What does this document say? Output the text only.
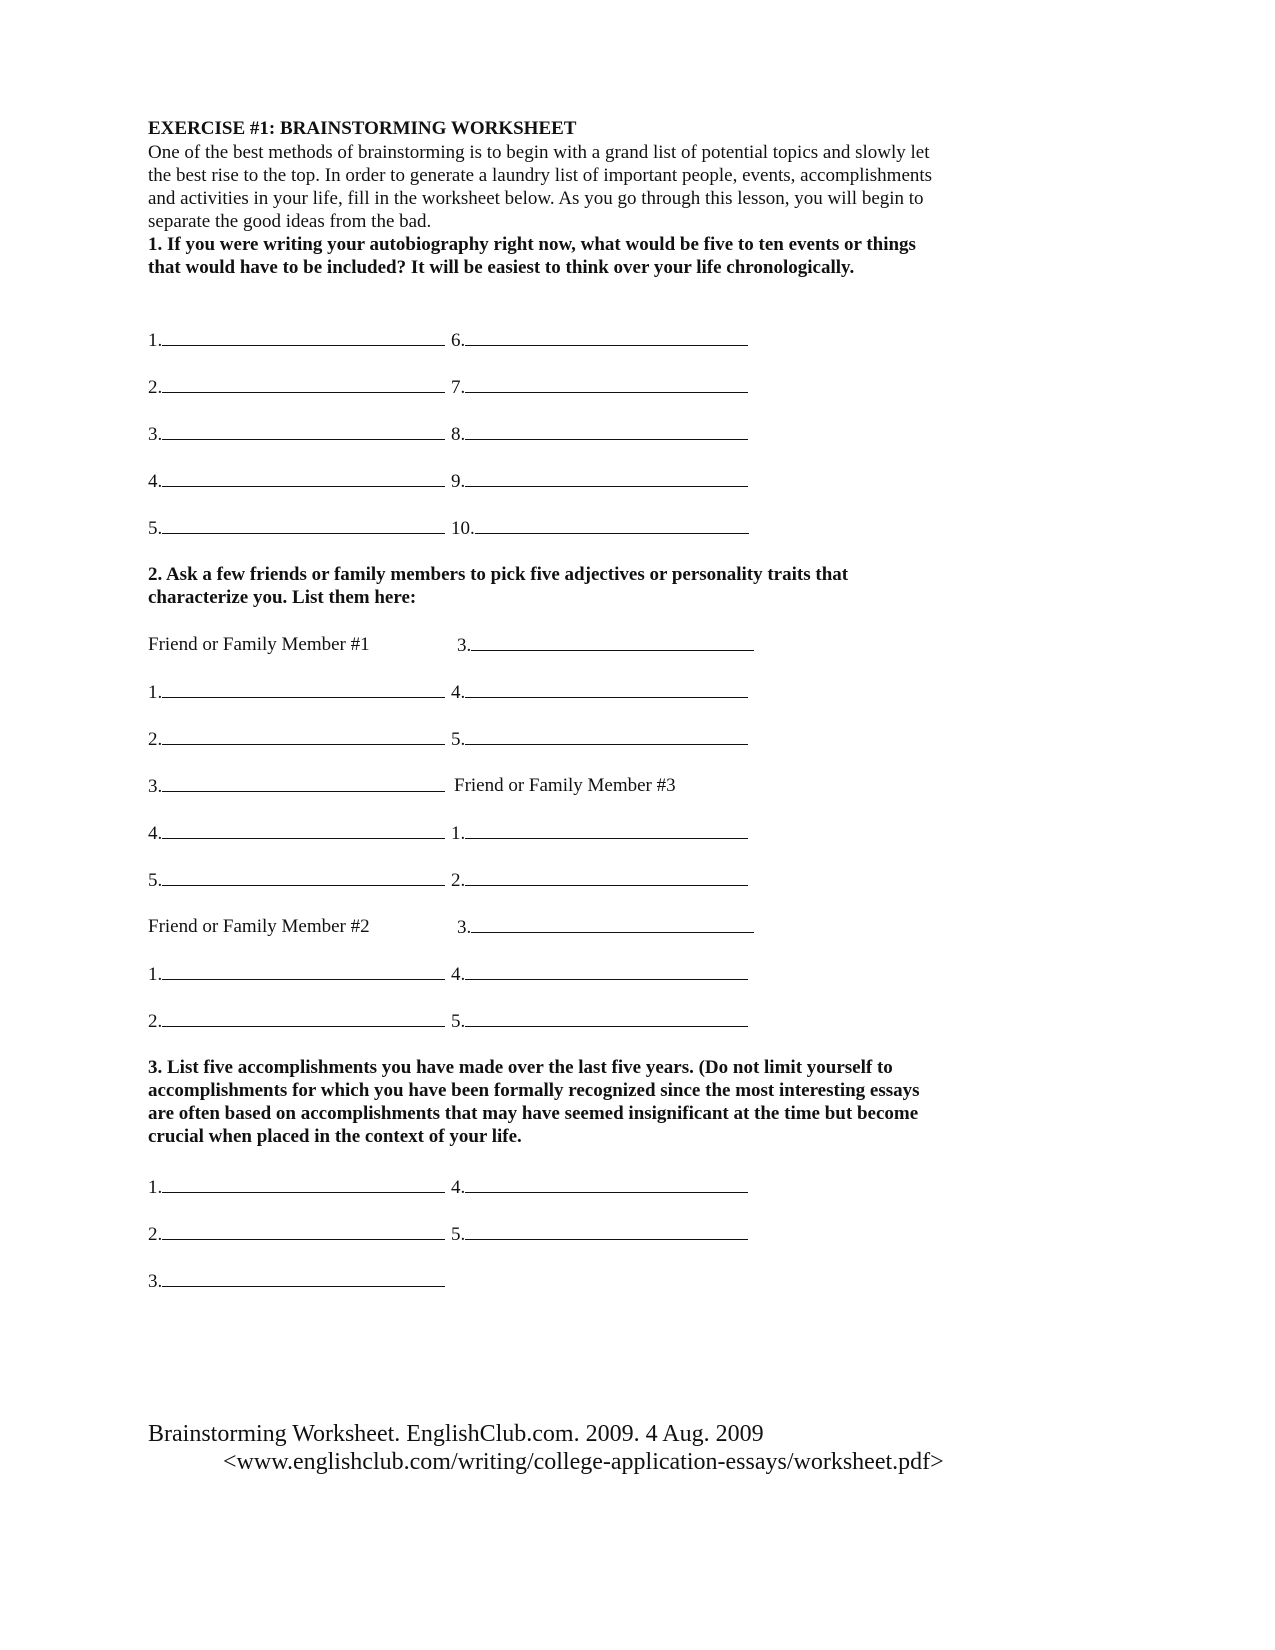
EXERCISE #1: BRAINSTORMING WORKSHEET
One of the best methods of brainstorming is to begin with a grand list of potential topics and slowly let the best rise to the top. In order to generate a laundry list of important people, events, accomplishments and activities in your life, fill in the worksheet below. As you go through this lesson, you will begin to separate the good ideas from the bad.
1. If you were writing your autobiography right now, what would be five to ten events or things that would have to be included? It will be easiest to think over your life chronologically.
1.	6.
2.	7.
3.	8.
4.	9.
5.	10.
2. Ask a few friends or family members to pick five adjectives or personality traits that characterize you. List them here:
Friend or Family Member #1	3.
1.	4.
2.	5.
3.	Friend or Family Member #3
4.	1.
5.	2.
Friend or Family Member #2	3.
1.	4.
2.	5.
3. List five accomplishments you have made over the last five years. (Do not limit yourself to accomplishments for which you have been formally recognized since the most interesting essays are often based on accomplishments that may have seemed insignificant at the time but become crucial when placed in the context of your life.
1.	4.
2.	5.
3.
Brainstorming Worksheet. EnglishClub.com. 2009. 4 Aug. 2009
<www.englishclub.com/writing/college-application-essays/worksheet.pdf>
